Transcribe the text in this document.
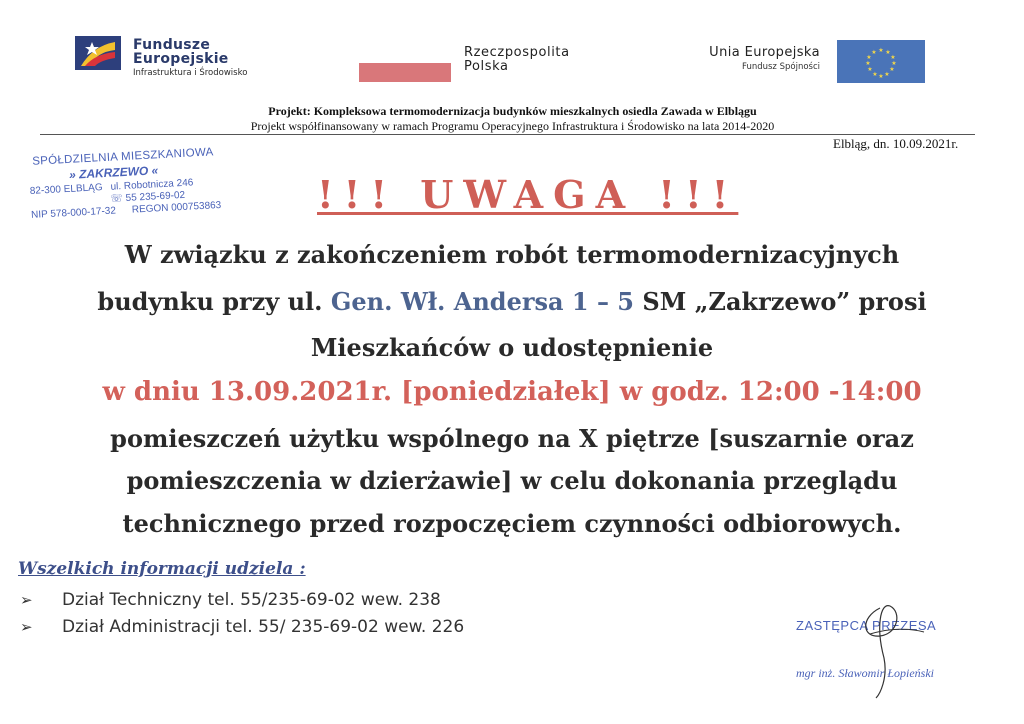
Fundusze
Europejskie
Infrastruktura i Środowisko
Rzeczpospolita
Polska
Unia Europejska
Fundusz Spójności
★ ★
★
★
★
★
★
★
★
★
★
★
Projekt: Kompleksowa termomodernizacja budynków mieszkalnych osiedla Zawada w Elblągu
Projekt współfinansowany w ramach Programu Operacyjnego Infrastruktura i Środowisko na lata 2014-2020
Elbląg, dn. 10.09.2021r.
SPÓŁDZIELNIA MIESZKANIOWA
» ZAKRZEWO «
82-300 ELBLĄG ul. Robotnicza 246
☏ 55 235-69-02
NIP 578-000-17-32 REGON 000753863	!!! UWAGA !!!
W związku z zakończeniem robót termomodernizacyjnych
budynku przy ul. Gen. Wł. Andersa 1 – 5 SM „Zakrzewo” prosi
Mieszkańców o udostępnienie
w dniu 13.09.2021r. [poniedziałek] w godz. 12:00 -14:00
pomieszczeń użytku wspólnego na X piętrze [suszarnie oraz
pomieszczenia w dzierżawie] w celu dokonania przeglądu
technicznego przed rozpoczęciem czynności odbiorowych.
Wszelkich informacji udziela :
➢	Dział Techniczny tel. 55/235-69-02 wew. 238
➢	Dział Administracji tel. 55/ 235-69-02 wew. 226	ZASTĘPCA PREZESA
mgr inż. Sławomir Łopieński
